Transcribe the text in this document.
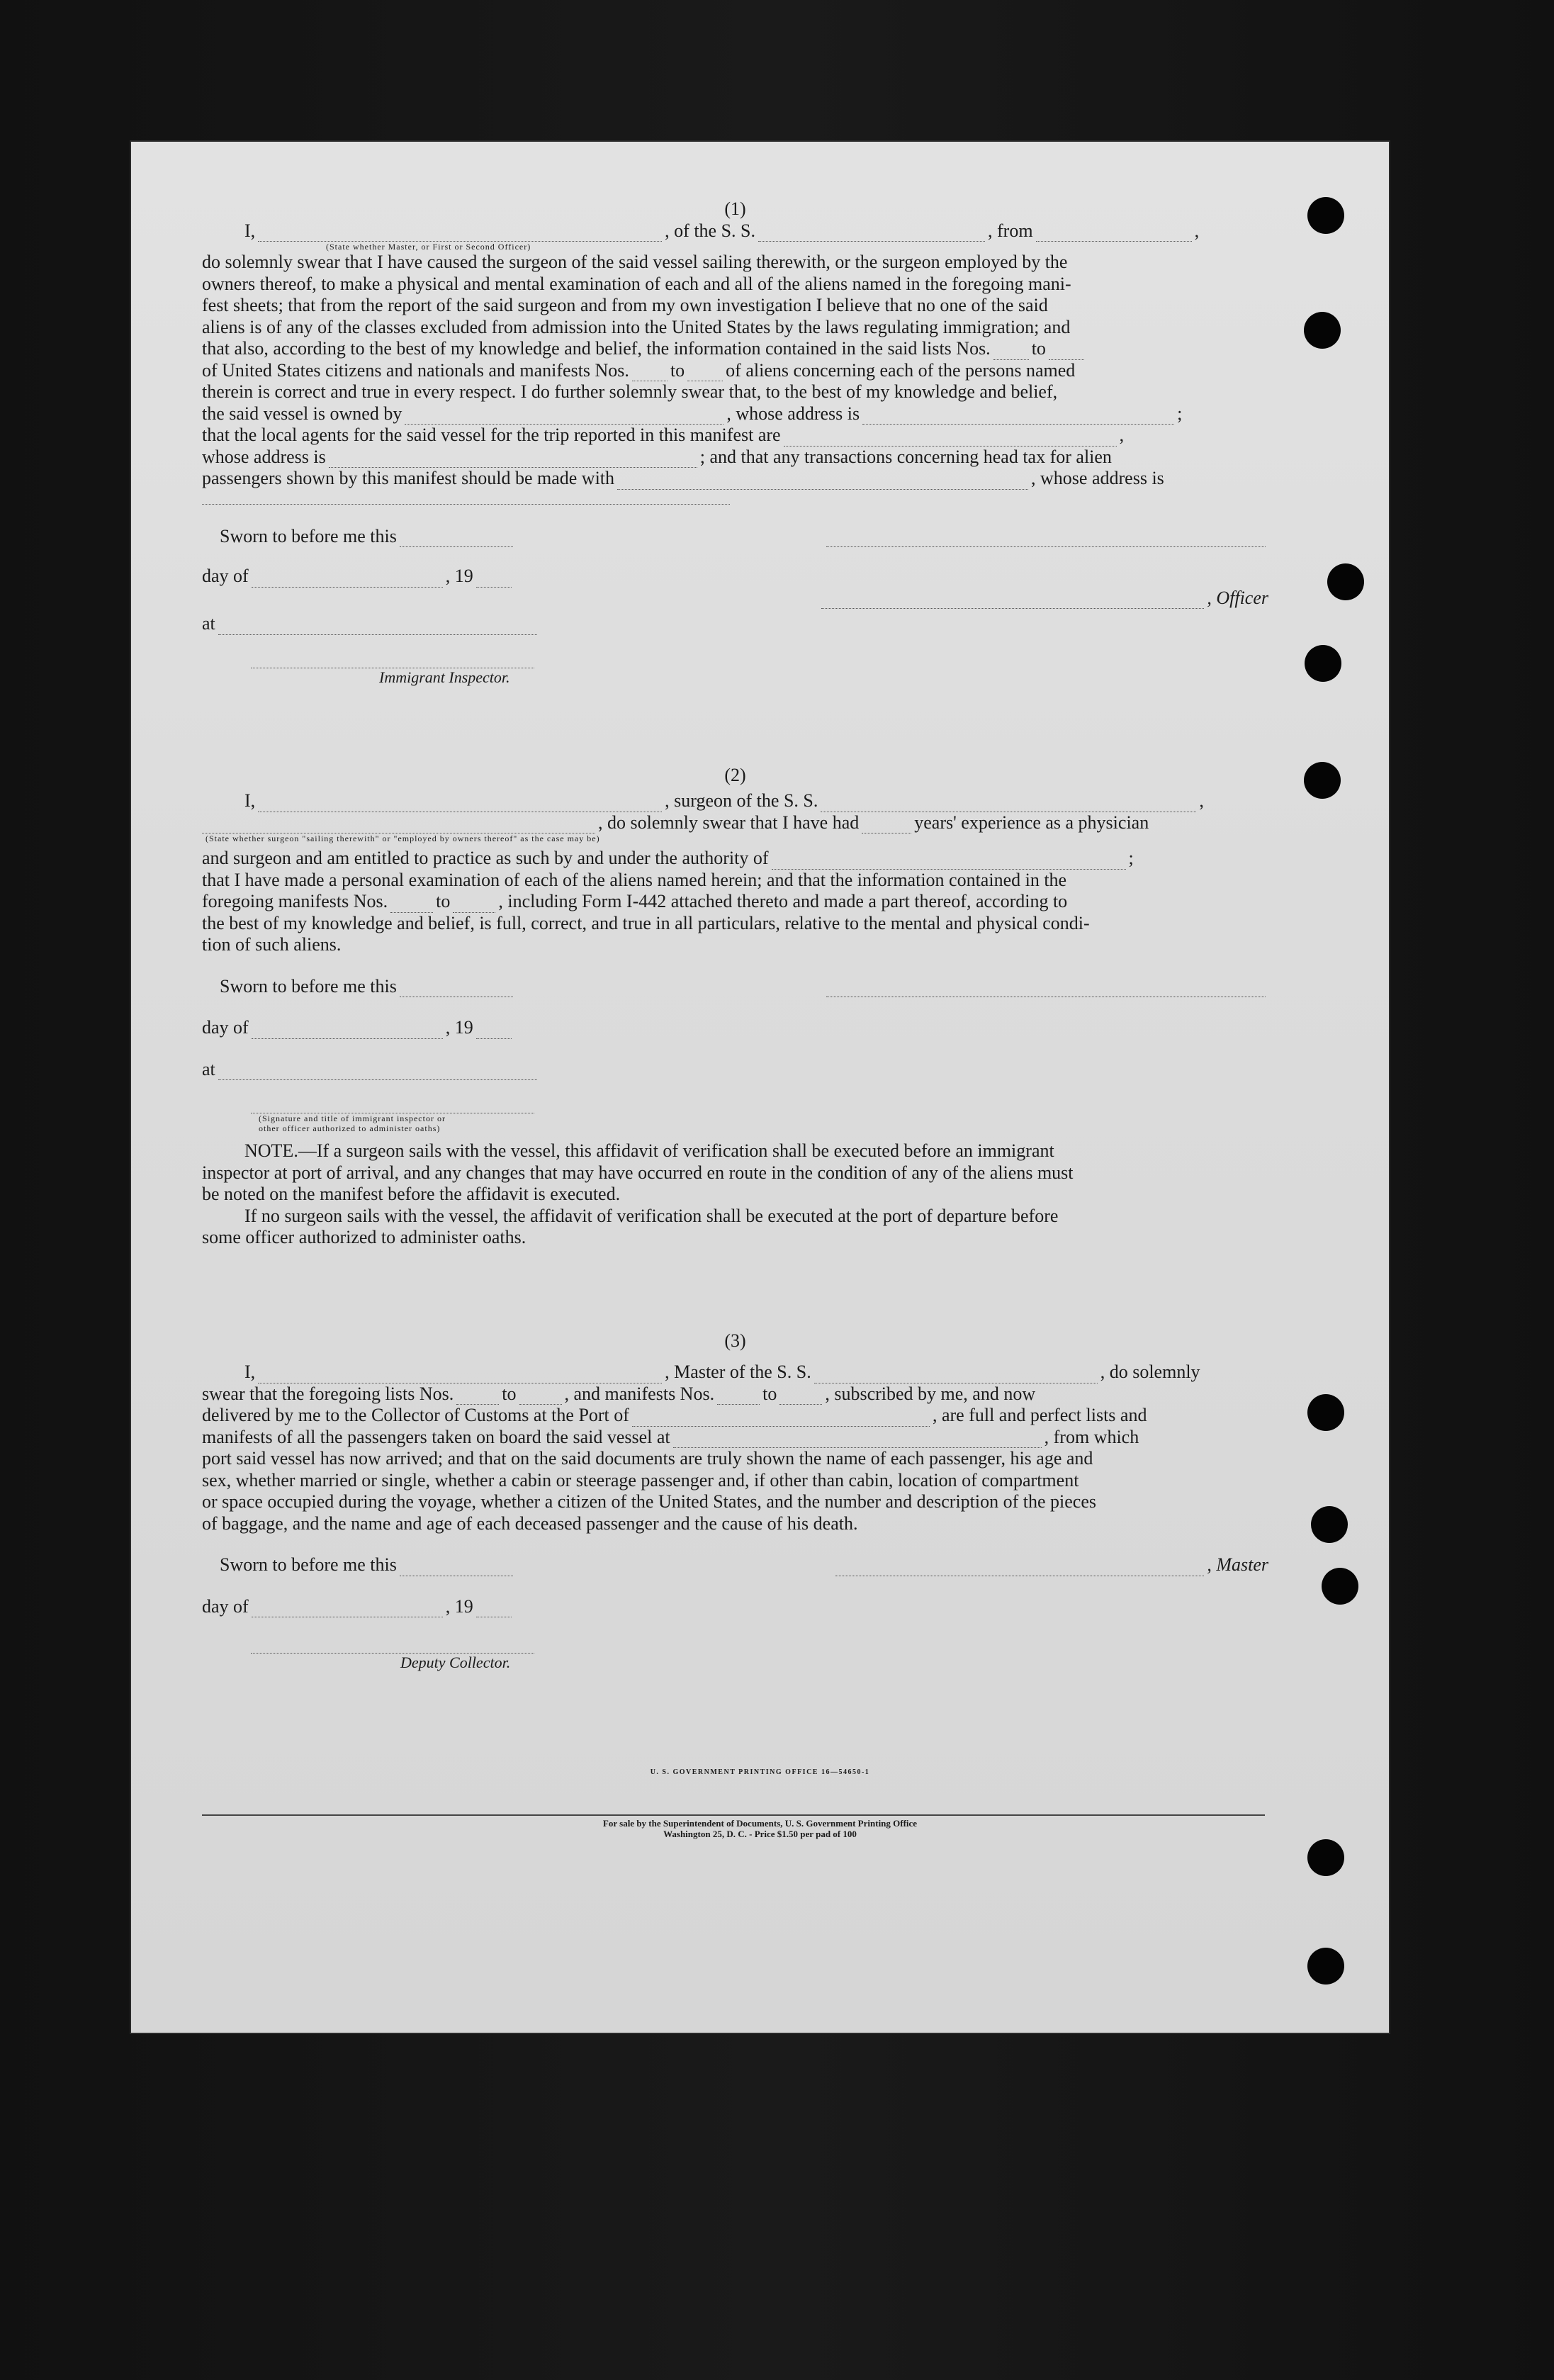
(1)

I,	, of the S. S.	, from	,
(State whether Master, or First or Second Officer)

do solemnly swear that I have caused the surgeon of the said vessel sailing therewith, or the surgeon employed by the

owners thereof, to make a physical and mental examination of each and all of the aliens named in the foregoing mani-

fest sheets; that from the report of the said surgeon and from my own investigation I believe that no one of the said

aliens is of any of the classes excluded from admission into the United States by the laws regulating immigration; and

that also, according to the best of my knowledge and belief, the information contained in the said lists Nos. to
of United States citizens and nationals and manifests Nos. to of aliens concerning each of the persons named

therein is correct and true in every respect. I do further solemnly swear that, to the best of my knowledge and belief,

the said vessel is owned by	, whose address is	;
that the local agents for the said vessel for the trip reported in this manifest are	,
whose address is	; and that any transactions concerning head tax for alien
passengers shown by this manifest should be made with	, whose address is
Sworn to before me this
day of	, 19
, Officer
at
Immigrant Inspector.

(2)

I,	, surgeon of the S. S.	,
, do solemnly swear that I have had	years' experience as a physician
(State whether surgeon "sailing therewith" or "employed by owners thereof" as the case may be)
and surgeon and am entitled to practice as such by and under the authority of	;

that I have made a personal examination of each of the aliens named herein; and that the information contained in the

foregoing manifests Nos.	to	, including Form I-442 attached thereto and made a part thereof, according to

the best of my knowledge and belief, is full, correct, and true in all particulars, relative to the mental and physical condi-

tion of such aliens.

Sworn to before me this
day of	, 19
at
(Signature and title of immigrant inspector or
other officer authorized to administer oaths)

NOTE.—If a surgeon sails with the vessel, this affidavit of verification shall be executed before an immigrant

inspector at port of arrival, and any changes that may have occurred en route in the condition of any of the aliens must

be noted on the manifest before the affidavit is executed.

If no surgeon sails with the vessel, the affidavit of verification shall be executed at the port of departure before

some officer authorized to administer oaths.

(3)

I,	, Master of the S. S.	, do solemnly
swear that the foregoing lists Nos.	to	, and manifests Nos.	to	, subscribed by me, and now
delivered by me to the Collector of Customs at the Port of	, are full and perfect lists and
manifests of all the passengers taken on board the said vessel at	, from which

port said vessel has now arrived; and that on the said documents are truly shown the name of each passenger, his age and

sex, whether married or single, whether a cabin or steerage passenger and, if other than cabin, location of compartment

or space occupied during the voyage, whether a citizen of the United States, and the number and description of the pieces

of baggage, and the name and age of each deceased passenger and the cause of his death.

Sworn to before me this	, Master
day of	, 19
Deputy Collector.
U. S. GOVERNMENT PRINTING OFFICE 16—54650-1
For sale by the Superintendent of Documents, U. S. Government Printing Office
Washington 25, D. C. - Price $1.50 per pad of 100
